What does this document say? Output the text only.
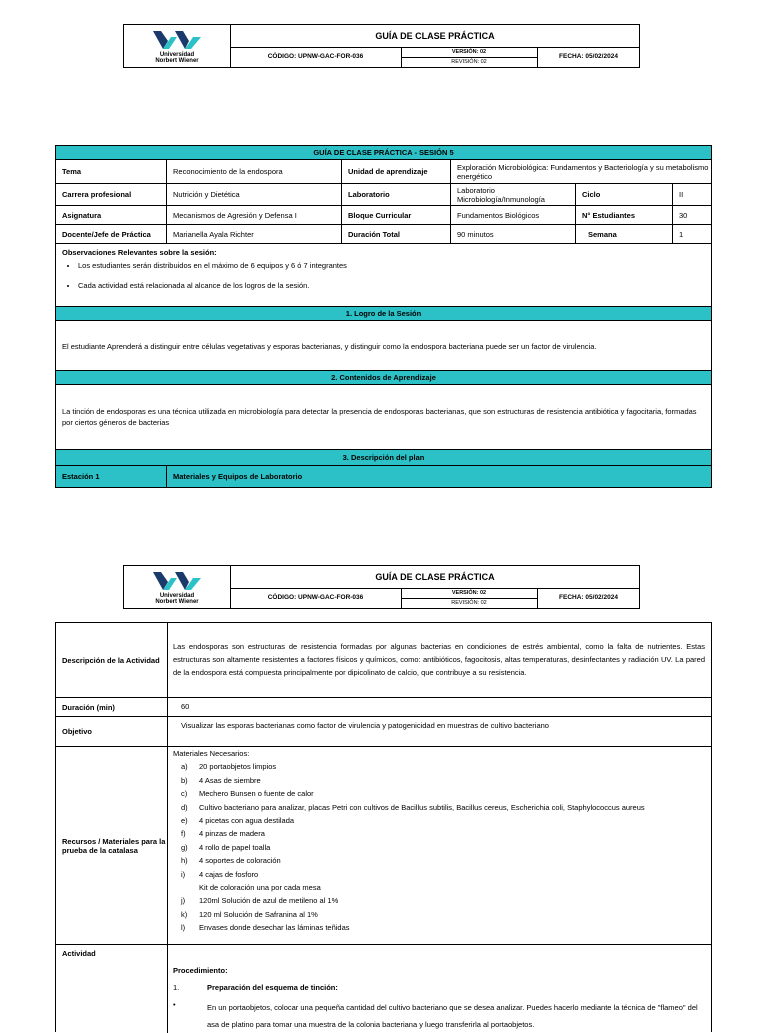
Universidad
Norbert Wiener
GUÍA DE CLASE PRÁCTICA
CÓDIGO: UPNW-GAC-FOR-036
VERSIÓN: 02
REVISIÓN: 02
FECHA: 05/02/2024
GUÍA DE CLASE PRÁCTICA - SESIÓN 5
Tema	Reconocimiento de la endospora	Unidad de aprendizaje	Exploración Microbiológica: Fundamentos y Bacteriología y su metabolismo energético
Carrera profesional	Nutrición y Dietética	Laboratorio	Laboratorio Microbiología/Inmunología	Ciclo	II
Asignatura	Mecanismos de Agresión y Defensa I	Bloque Curricular	Fundamentos Biológicos	N° Estudiantes	30
Docente/Jefe de Práctica	Marianella Ayala Richter	Duración Total	90 minutos	Semana	1
Observaciones Relevantes sobre la sesión:
• Los estudiantes serán distribuidos en el máximo de 6 equipos y 6 ó 7 integrantes
• Cada actividad está relacionada al alcance de los logros de la sesión.
1. Logro de la Sesión
El estudiante Aprenderá a distinguir entre células vegetativas y esporas bacterianas, y distinguir como la endospora bacteriana puede ser un factor de virulencia.
2. Contenidos de Aprendizaje
La tinción de endosporas es una técnica utilizada en microbiología para detectar la presencia de endosporas bacterianas, que son estructuras de resistencia antibiótica y fagocitaria, formadas por ciertos géneros de bacterias
3. Descripción del plan
Estación 1	Materiales y Equipos de Laboratorio
Universidad
Norbert Wiener
GUÍA DE CLASE PRÁCTICA
CÓDIGO: UPNW-GAC-FOR-036
VERSIÓN: 02
REVISIÓN: 02
FECHA: 05/02/2024
Descripción de la Actividad
Las endosporas son estructuras de resistencia formadas por algunas bacterias en condiciones de estrés ambiental, como la falta de nutrientes. Estas estructuras son altamente resistentes a factores físicos y químicos, como: antibióticos, fagocitosis, altas temperaturas, desinfectantes y radiación UV. La pared de la endospora está compuesta principalmente por dipicolinato de calcio, que contribuye a su resistencia.
Duración (min)	60
Objetivo
Visualizar las esporas bacterianas como factor de virulencia y patogenicidad en muestras de cultivo bacteriano
Recursos / Materiales para la prueba de la catalasa
Materiales Necesarios:
a) 20 portaobjetos limpios
b) 4 Asas de siembre
c) Mechero Bunsen o fuente de calor
d) Cultivo bacteriano para analizar, placas Petri con cultivos de Bacillus subtilis, Bacillus cereus, Escherichia coli, Staphylococcus aureus
e) 4 picetas con agua destilada
f) 4 pinzas de madera
g) 4 rollo de papel toalla
h) 4 soportes de coloración
i) 4 cajas de fosforo
Kit de coloración una por cada mesa
j) 120ml Solución de azul de metileno al 1%
k) 120 ml Solución de Safranina al 1%
l) Envases donde desechar las láminas teñidas
Actividad
Procedimiento:
1.	Preparación del esquema de tinción:
•	En un portaobjetos, colocar una pequeña cantidad del cultivo bacteriano que se desea analizar. Puedes hacerlo mediante la técnica de "flameo" del asa de platino para tomar una muestra de la colonia bacteriana y luego transferirla al portaobjetos.
